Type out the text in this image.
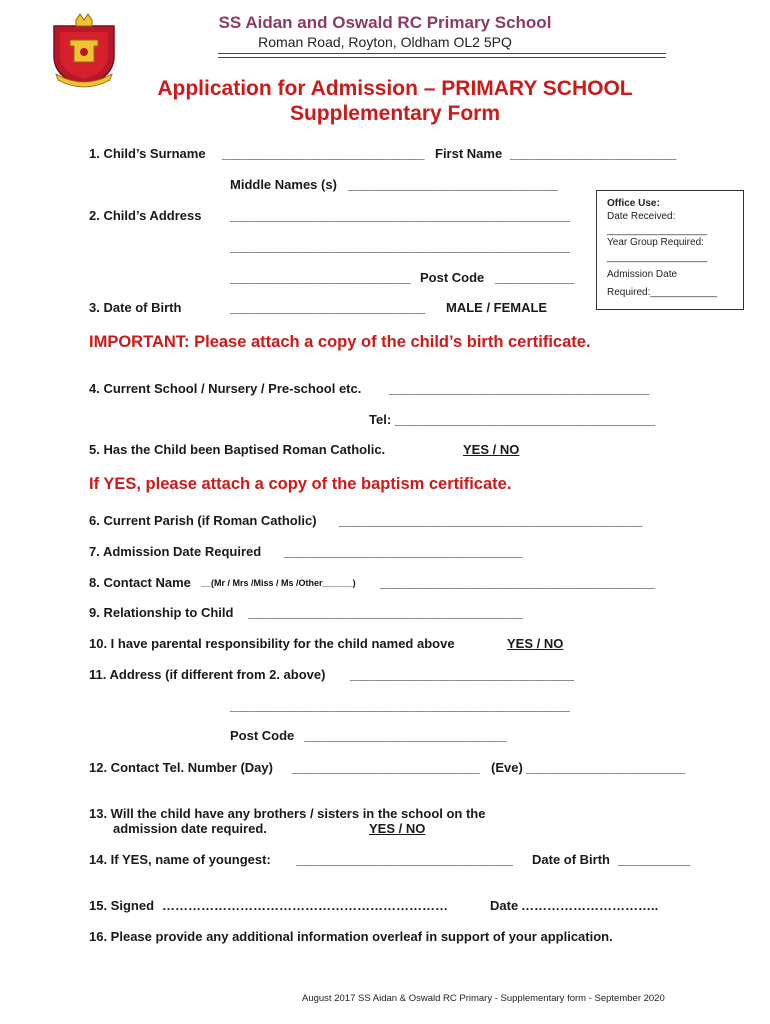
SS Aidan and Oswald RC Primary School
Roman Road, Royton, Oldham OL2 5PQ
Application for Admission – PRIMARY SCHOOL
Supplementary Form
1. Child’s Surname ____________________________ First Name _______________________
Middle Names (s) _____________________________
2. Child’s Address _______________________________________________
_______________________________________________
_________________________ Post Code ___________
Office Use:
Date Received:
__________________
Year Group Required:
__________________
Admission Date
Required:____________
3. Date of Birth	___________________________ MALE / FEMALE
IMPORTANT: Please attach a copy of the child’s birth certificate.
4. Current School / Nursery / Pre-school etc. ____________________________________
Tel: ____________________________________
5. Has the Child been Baptised Roman Catholic.	YES / NO
If YES, please attach a copy of the baptism certificate.
6. Current Parish (if Roman Catholic) __________________________________________
7. Admission Date Required _________________________________
8. Contact Name __(Mr / Mrs /Miss / Ms /Other______) ______________________________________
9. Relationship to Child ______________________________________
10. I have parental responsibility for the child named above	YES / NO
11. Address (if different from 2. above) _______________________________
_______________________________________________
Post Code ____________________________
12. Contact Tel. Number (Day) __________________________ (Eve) ______________________
13. Will the child have any brothers / sisters in the school on the
admission date required.	YES / NO
14. If YES, name of youngest: ______________________________ Date of Birth __________
15. Signed …………………………………………………………	Date …………………………..
16. Please provide any additional information overleaf in support of your application.
August 2017 SS Aidan & Oswald RC Primary - Supplementary form - September 2020
